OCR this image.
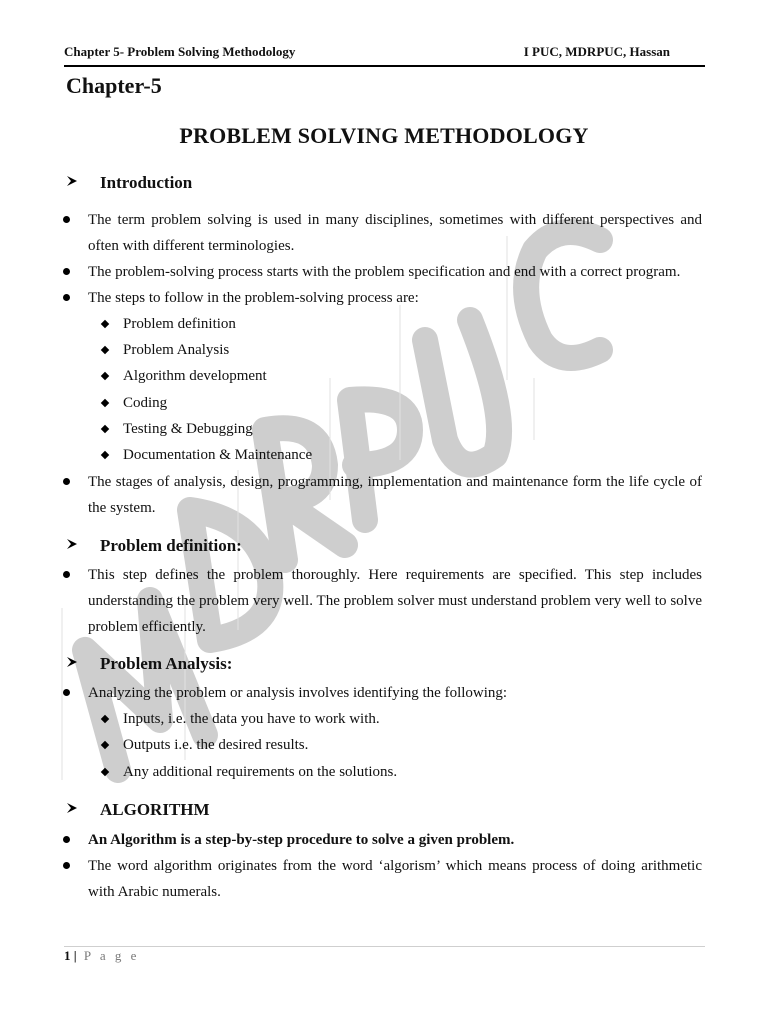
Chapter 5- Problem Solving Methodology	I PUC, MDRPUC, Hassan
Chapter-5
PROBLEM SOLVING METHODOLOGY
Introduction
The term problem solving is used in many disciplines, sometimes with different perspectives and often with different terminologies.
The problem-solving process starts with the problem specification and end with a correct program.
The steps to follow in the problem-solving process are:
Problem definition
Problem Analysis
Algorithm development
Coding
Testing & Debugging
Documentation & Maintenance
The stages of analysis, design, programming, implementation and maintenance form the life cycle of the system.
Problem definition:
This step defines the problem thoroughly. Here requirements are specified. This step includes understanding the problem very well. The problem solver must understand problem very well to solve problem efficiently.
Problem Analysis:
Analyzing the problem or analysis involves identifying the following:
Inputs, i.e. the data you have to work with.
Outputs i.e. the desired results.
Any additional requirements on the solutions.
ALGORITHM
An Algorithm is a step-by-step procedure to solve a given problem.
The word algorithm originates from the word ‘algorism’ which means process of doing arithmetic with Arabic numerals.
1 | P a g e
